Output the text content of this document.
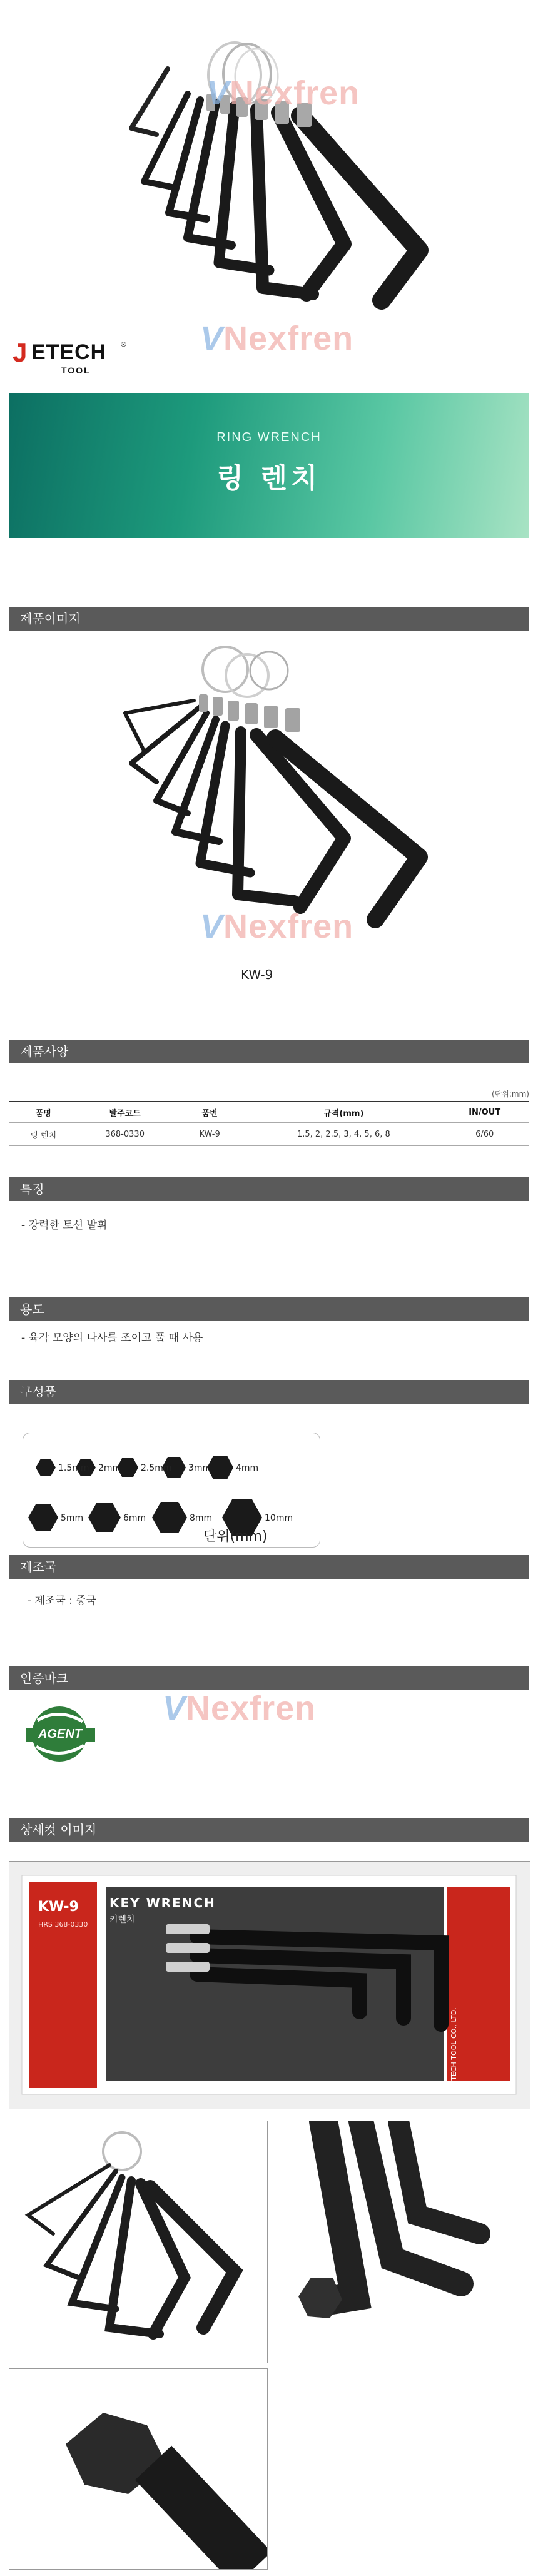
VNexfren
VNexfren
J ETECH
TOOL
®
RING WRENCH
링 렌치
제품이미지
VNexfren
KW-9
제품사양
(단위:mm)
품명	발주코드	품번	규격(mm)	IN/OUT
링 렌치	368-0330	KW-9	1.5, 2, 2.5, 3, 4, 5, 6, 8	6/60
특징
- 강력한 토션 발휘
용도
- 육각 모양의 나사를 조이고 풀 때 사용
구성품
1.5mm 2mm 2.5mm 3mm	4mm
5mm	6mm	8mm	10mm
단위(mm)
제조국
- 제조국 : 중국
인증마크
AGENT
VNexfren
상세컷 이미지
KW-9
HRS 368-0330
KEY WRENCH
키렌치
JETECH TOOL CO., LTD.
